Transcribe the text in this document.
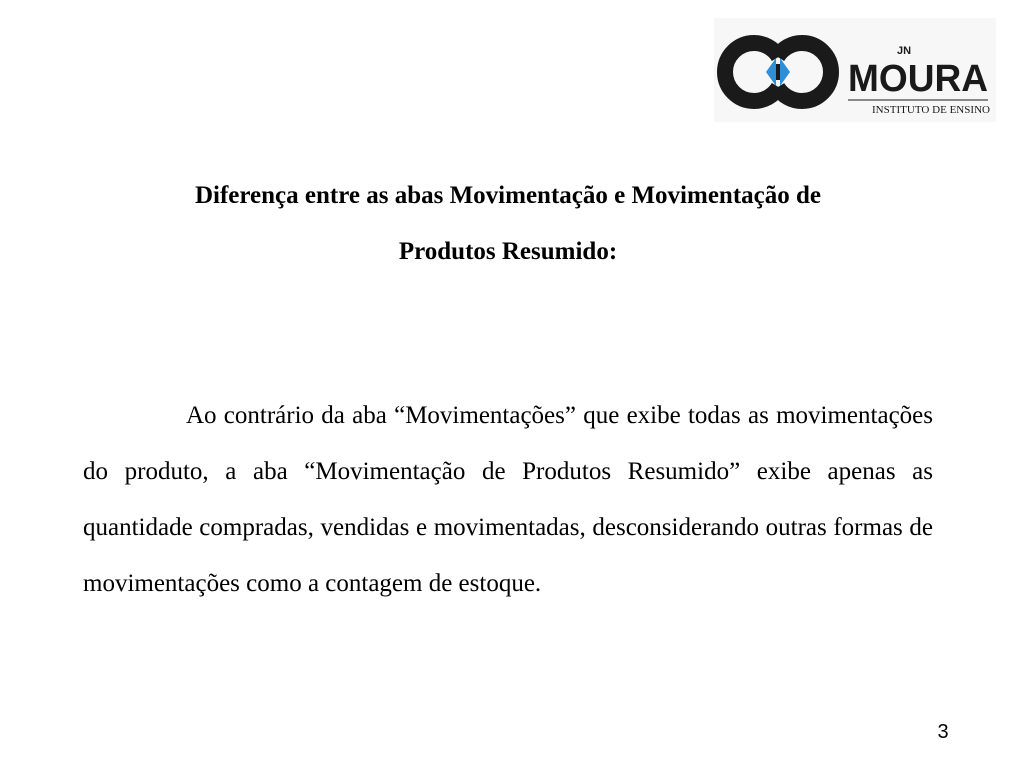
JN
MOURA
INSTITUTO DE ENSINO
Diferença entre as abas Movimentação e Movimentação de
Produtos Resumido:

Ao contrário da aba “Movimentações” que exibe todas as movimentações do produto, a aba “Movimentação de Produtos Resumido” exibe apenas as quantidade compradas, vendidas e movimentadas, desconsiderando outras formas de movimentações como a contagem de estoque.

3
